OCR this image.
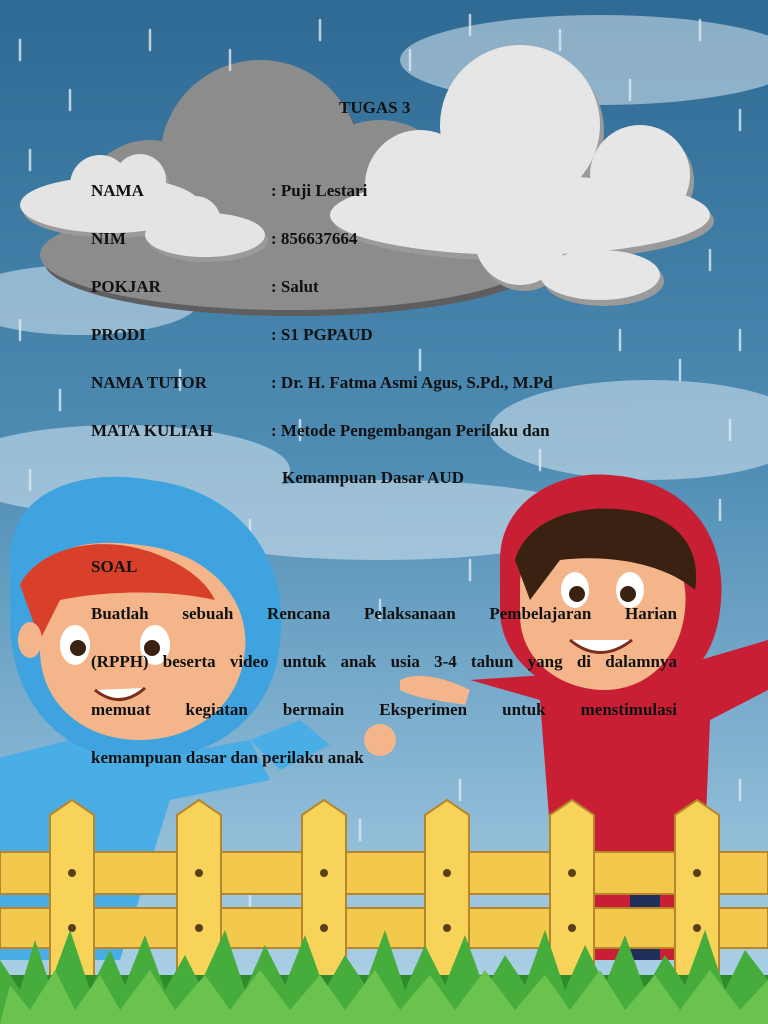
TUGAS 3
NAMA	: Puji Lestari
NIM	: 856637664
POKJAR	: Salut
PRODI	: S1 PGPAUD
NAMA TUTOR	: Dr. H. Fatma Asmi Agus, S.Pd., M.Pd
MATA KULIAH	: Metode Pengembangan Perilaku dan
Kemampuan Dasar AUD
SOAL
Buatlah sebuah Rencana Pelaksanaan Pembelajaran Harian
(RPPH) beserta video untuk anak usia 3-4 tahun yang di dalamnya
memuat kegiatan bermain Eksperimen untuk menstimulasi
kemampuan dasar dan perilaku anak
